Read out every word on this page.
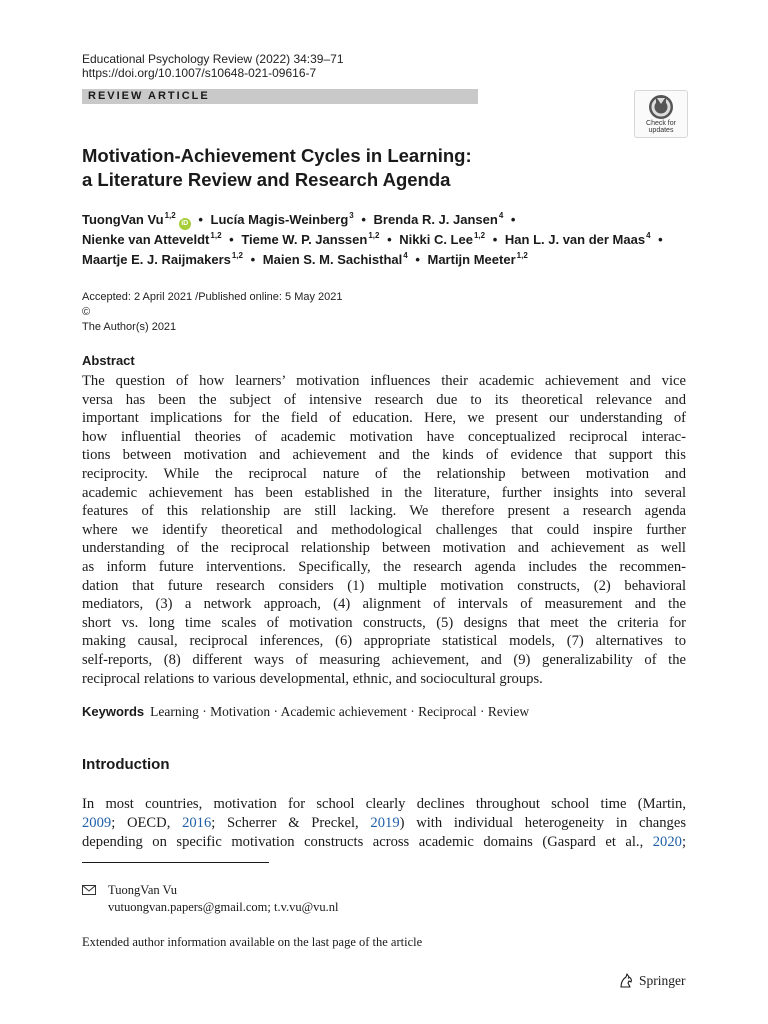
Educational Psychology Review (2022) 34:39–71
https://doi.org/10.1007/s10648-021-09616-7
REVIEW ARTICLE
Check for
updates
Motivation-Achievement Cycles in Learning:
a Literature Review and Research Agenda
TuongVan Vu$^{1,2}$iD • Lucía Magis-Weinberg$^3$ • Brenda R. J. Jansen$^4$ •
Nienke van Atteveldt$^{1,2}$ • Tieme W. P. Janssen$^{1,2}$ • Nikki C. Lee$^{1,2}$ • Han L. J. van der Maas$^4$ •
Maartje E. J. Raijmakers$^{1,2}$ • Maien S. M. Sachisthal$^4$ • Martijn Meeter$^{1,2}$
Accepted: 2 April 2021 /Published online: 5 May 2021
©
The Author(s) 2021
Abstract
The question of how learners’ motivation influences their academic achievement and vice
versa has been the subject of intensive research due to its theoretical relevance and
important implications for the field of education. Here, we present our understanding of
how influential theories of academic motivation have conceptualized reciprocal interac-
tions between motivation and achievement and the kinds of evidence that support this
reciprocity. While the reciprocal nature of the relationship between motivation and
academic achievement has been established in the literature, further insights into several
features of this relationship are still lacking. We therefore present a research agenda
where we identify theoretical and methodological challenges that could inspire further
understanding of the reciprocal relationship between motivation and achievement as well
as inform future interventions. Specifically, the research agenda includes the recommen-
dation that future research considers (1) multiple motivation constructs, (2) behavioral
mediators, (3) a network approach, (4) alignment of intervals of measurement and the
short vs. long time scales of motivation constructs, (5) designs that meet the criteria for
making causal, reciprocal inferences, (6) appropriate statistical models, (7) alternatives to
self-reports, (8) different ways of measuring achievement, and (9) generalizability of the
reciprocal relations to various developmental, ethnic, and sociocultural groups.
Keywords Learning · Motivation · Academic achievement · Reciprocal · Review
Introduction
In most countries, motivation for school clearly declines throughout school time (Martin,
2009; OECD, 2016; Scherrer & Preckel, 2019) with individual heterogeneity in changes
depending on specific motivation constructs across academic domains (Gaspard et al., 2020;
TuongVan Vu
vutuongvan.papers@gmail.com; t.v.vu@vu.nl
Extended author information available on the last page of the article
Springer
